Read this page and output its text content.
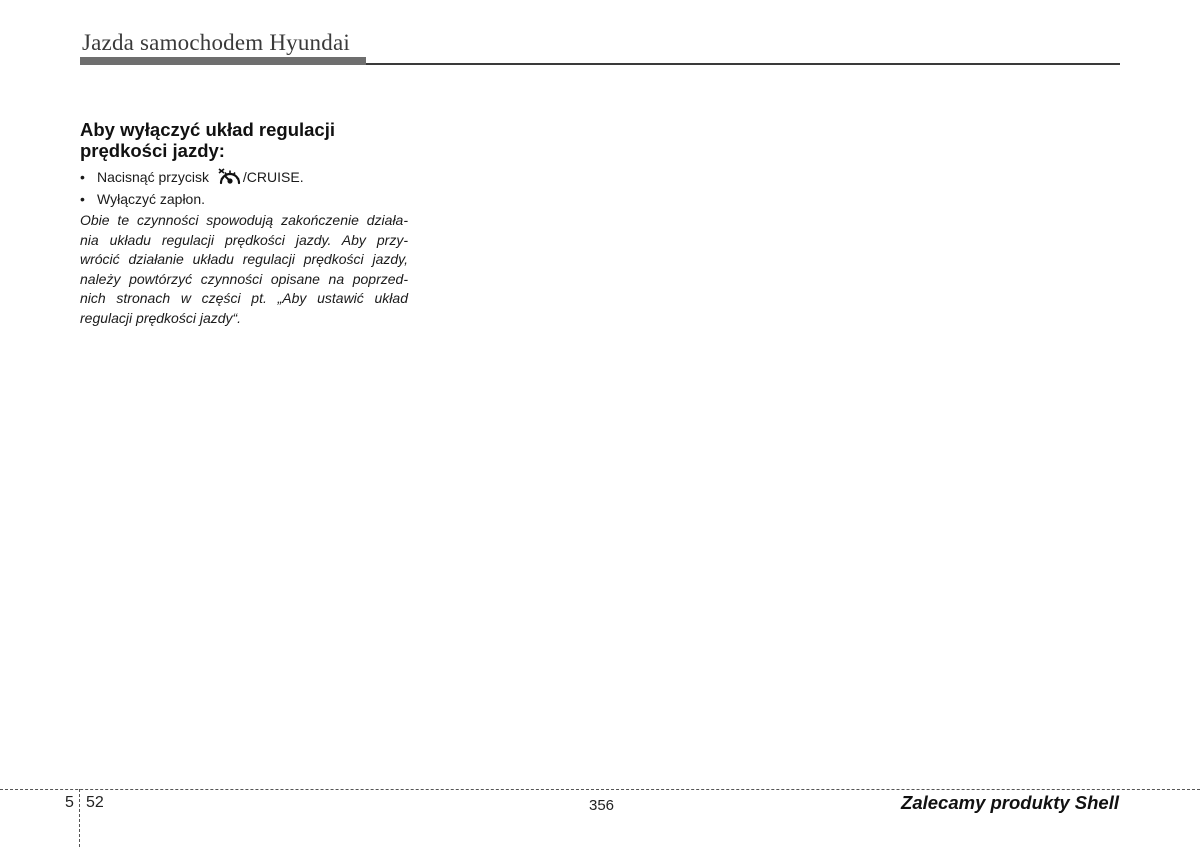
Jazda samochodem Hyundai
Aby wyłączyć układ regulacji
prędkości jazdy:
• Nacisnąć przycisk /CRUISE.
• Wyłączyć zapłon.
Obie te czynności spowodują zakończenie działa-
nia układu regulacji prędkości jazdy. Aby przy-
wrócić działanie układu regulacji prędkości jazdy,
należy powtórzyć czynności opisane na poprzed-
nich stronach w części pt. „Aby ustawić układ
regulacji prędkości jazdy“.
5 52	356	Zalecamy produkty Shell
